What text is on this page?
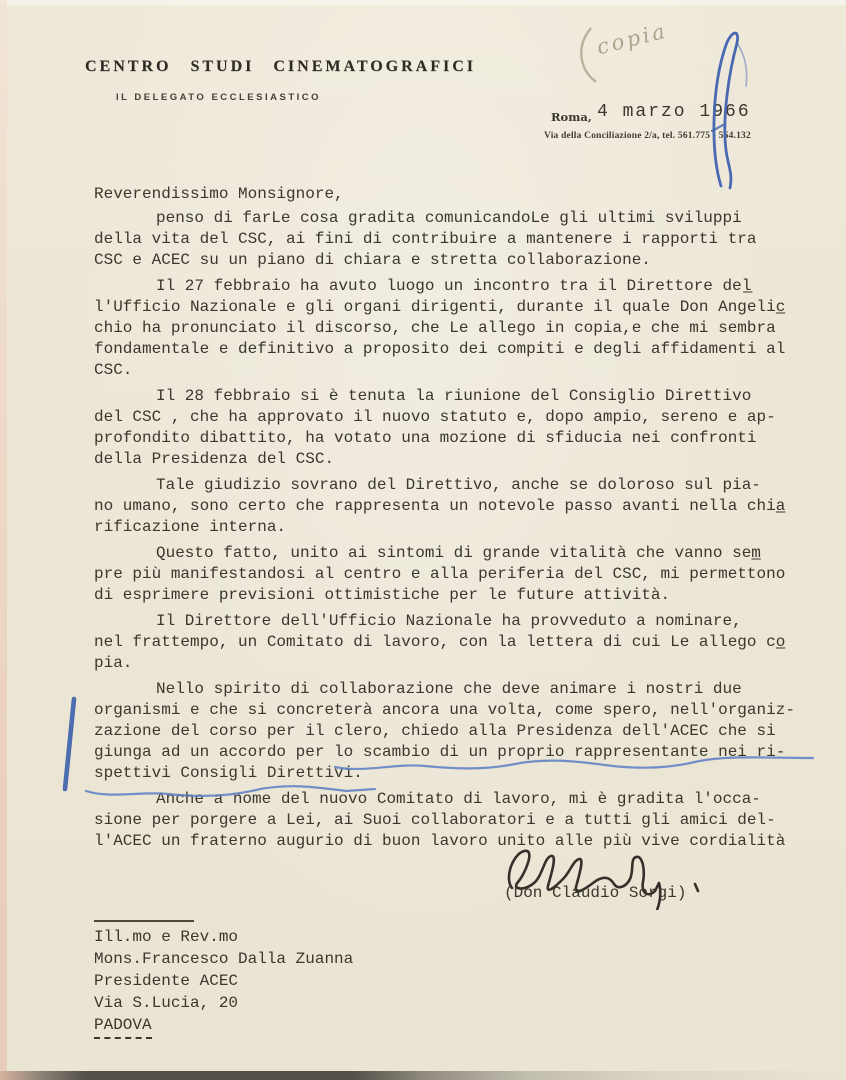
CENTRO STUDI CINEMATOGRAFICI
IL DELEGATO ECCLESIASTICO
Roma, 4 marzo 1966
Via della Conciliazione 2/a, tel. 561.775 - 564.132
copia
Reverendissimo Monsignore,
penso di farLe cosa gradita comunicandoLe gli ultimi sviluppi
della vita del CSC, ai fini di contribuire a mantenere i rapporti tra
CSC e ACEC su un piano di chiara e stretta collaborazione.
Il 27 febbraio ha avuto luogo un incontro tra il Direttore del̲
l'Ufficio Nazionale e gli organi dirigenti, durante il quale Don Angelic̲
chio ha pronunciato il discorso, che Le allego in copia,e che mi sembra
fondamentale e definitivo a proposito dei compiti e degli affidamenti al
CSC.
Il 28 febbraio si è tenuta la riunione del Consiglio Direttivo
del CSC , che ha approvato il nuovo statuto e, dopo ampio, sereno e ap-
profondito dibattito, ha votato una mozione di sfiducia nei confronti
della Presidenza del CSC.
Tale giudizio sovrano del Direttivo, anche se doloroso sul pia-
no umano, sono certo che rappresenta un notevole passo avanti nella chia̲
rificazione interna.
Questo fatto, unito ai sintomi di grande vitalità che vanno sem̲
pre più manifestandosi al centro e alla periferia del CSC, mi permettono
di esprimere previsioni ottimistiche per le future attività.
Il Direttore dell'Ufficio Nazionale ha provveduto a nominare,
nel frattempo, un Comitato di lavoro, con la lettera di cui Le allego co̲
pia.
Nello spirito di collaborazione che deve animare i nostri due
organismi e che si concreterà ancora una volta, come spero, nell'organiz-
zazione del corso per il clero, chiedo alla Presidenza dell'ACEC che si
giunga ad un accordo per lo scambio di un proprio rappresentante nei ri-
spettivi Consigli Direttivi.
Anche a nome del nuovo Comitato di lavoro, mi è gradita l'occa-
sione per porgere a Lei, ai Suoi collaboratori e a tutti gli amici del-
l'ACEC un fraterno augurio di buon lavoro unito alle più vive cordialità
(Don Claudio Sorgi)
Ill.mo e Rev.mo
Mons.Francesco Dalla Zuanna
Presidente ACEC
Via S.Lucia, 20
PADOVA
